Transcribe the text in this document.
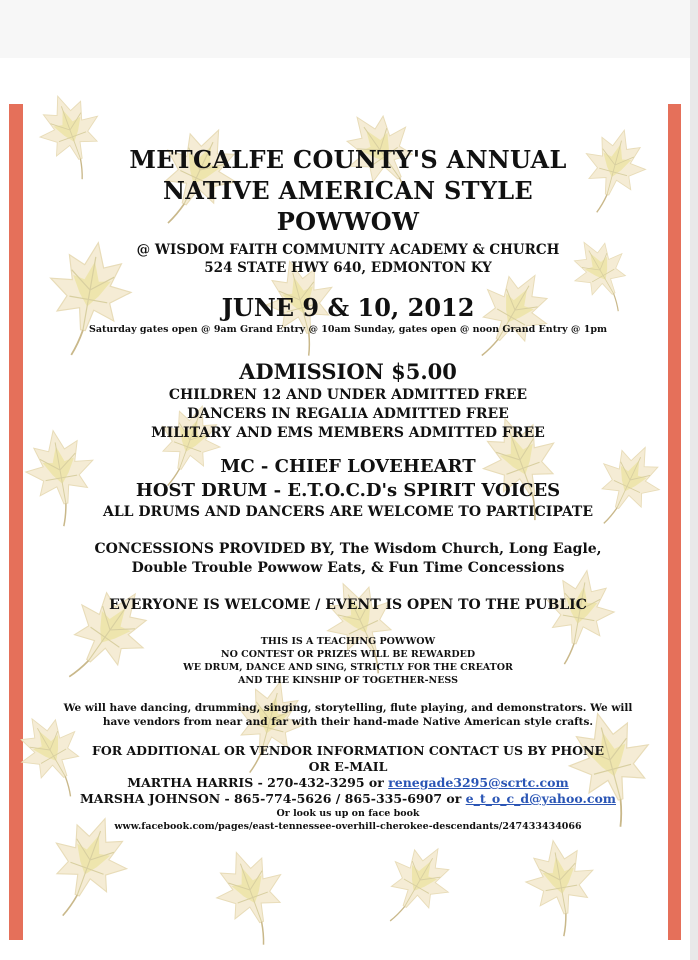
METCALFE COUNTY'S ANNUAL

NATIVE AMERICAN STYLE

POWWOW

@ WISDOM FAITH COMMUNITY ACADEMY & CHURCH

524 STATE HWY 640, EDMONTON KY

JUNE 9 & 10, 2012

Saturday gates open @ 9am Grand Entry @ 10am Sunday, gates open @ noon Grand Entry @ 1pm

ADMISSION $5.00

CHILDREN 12 AND UNDER ADMITTED FREE

DANCERS IN REGALIA ADMITTED FREE

MILITARY AND EMS MEMBERS ADMITTED FREE

MC - CHIEF LOVEHEART

HOST DRUM - E.T.O.C.D's SPIRIT VOICES

ALL DRUMS AND DANCERS ARE WELCOME TO PARTICIPATE

CONCESSIONS PROVIDED BY, The Wisdom Church, Long Eagle,

Double Trouble Powwow Eats, & Fun Time Concessions

EVERYONE IS WELCOME / EVENT IS OPEN TO THE PUBLIC

THIS IS A TEACHING POWWOW

NO CONTEST OR PRIZES WILL BE REWARDED

WE DRUM, DANCE AND SING, STRICTLY FOR THE CREATOR

AND THE KINSHIP OF TOGETHER-NESS

We will have dancing, drumming, singing, storytelling, flute playing, and demonstrators. We will

have vendors from near and far with their hand-made Native American style crafts.

FOR ADDITIONAL OR VENDOR INFORMATION CONTACT US BY PHONE

OR E-MAIL

MARTHA HARRIS - 270-432-3295 or renegade3295@scrtc.com

MARSHA JOHNSON - 865-774-5626 / 865-335-6907 or e_t_o_c_d@yahoo.com

Or look us up on face book

www.facebook.com/pages/east-tennessee-overhill-cherokee-descendants/247433434066
